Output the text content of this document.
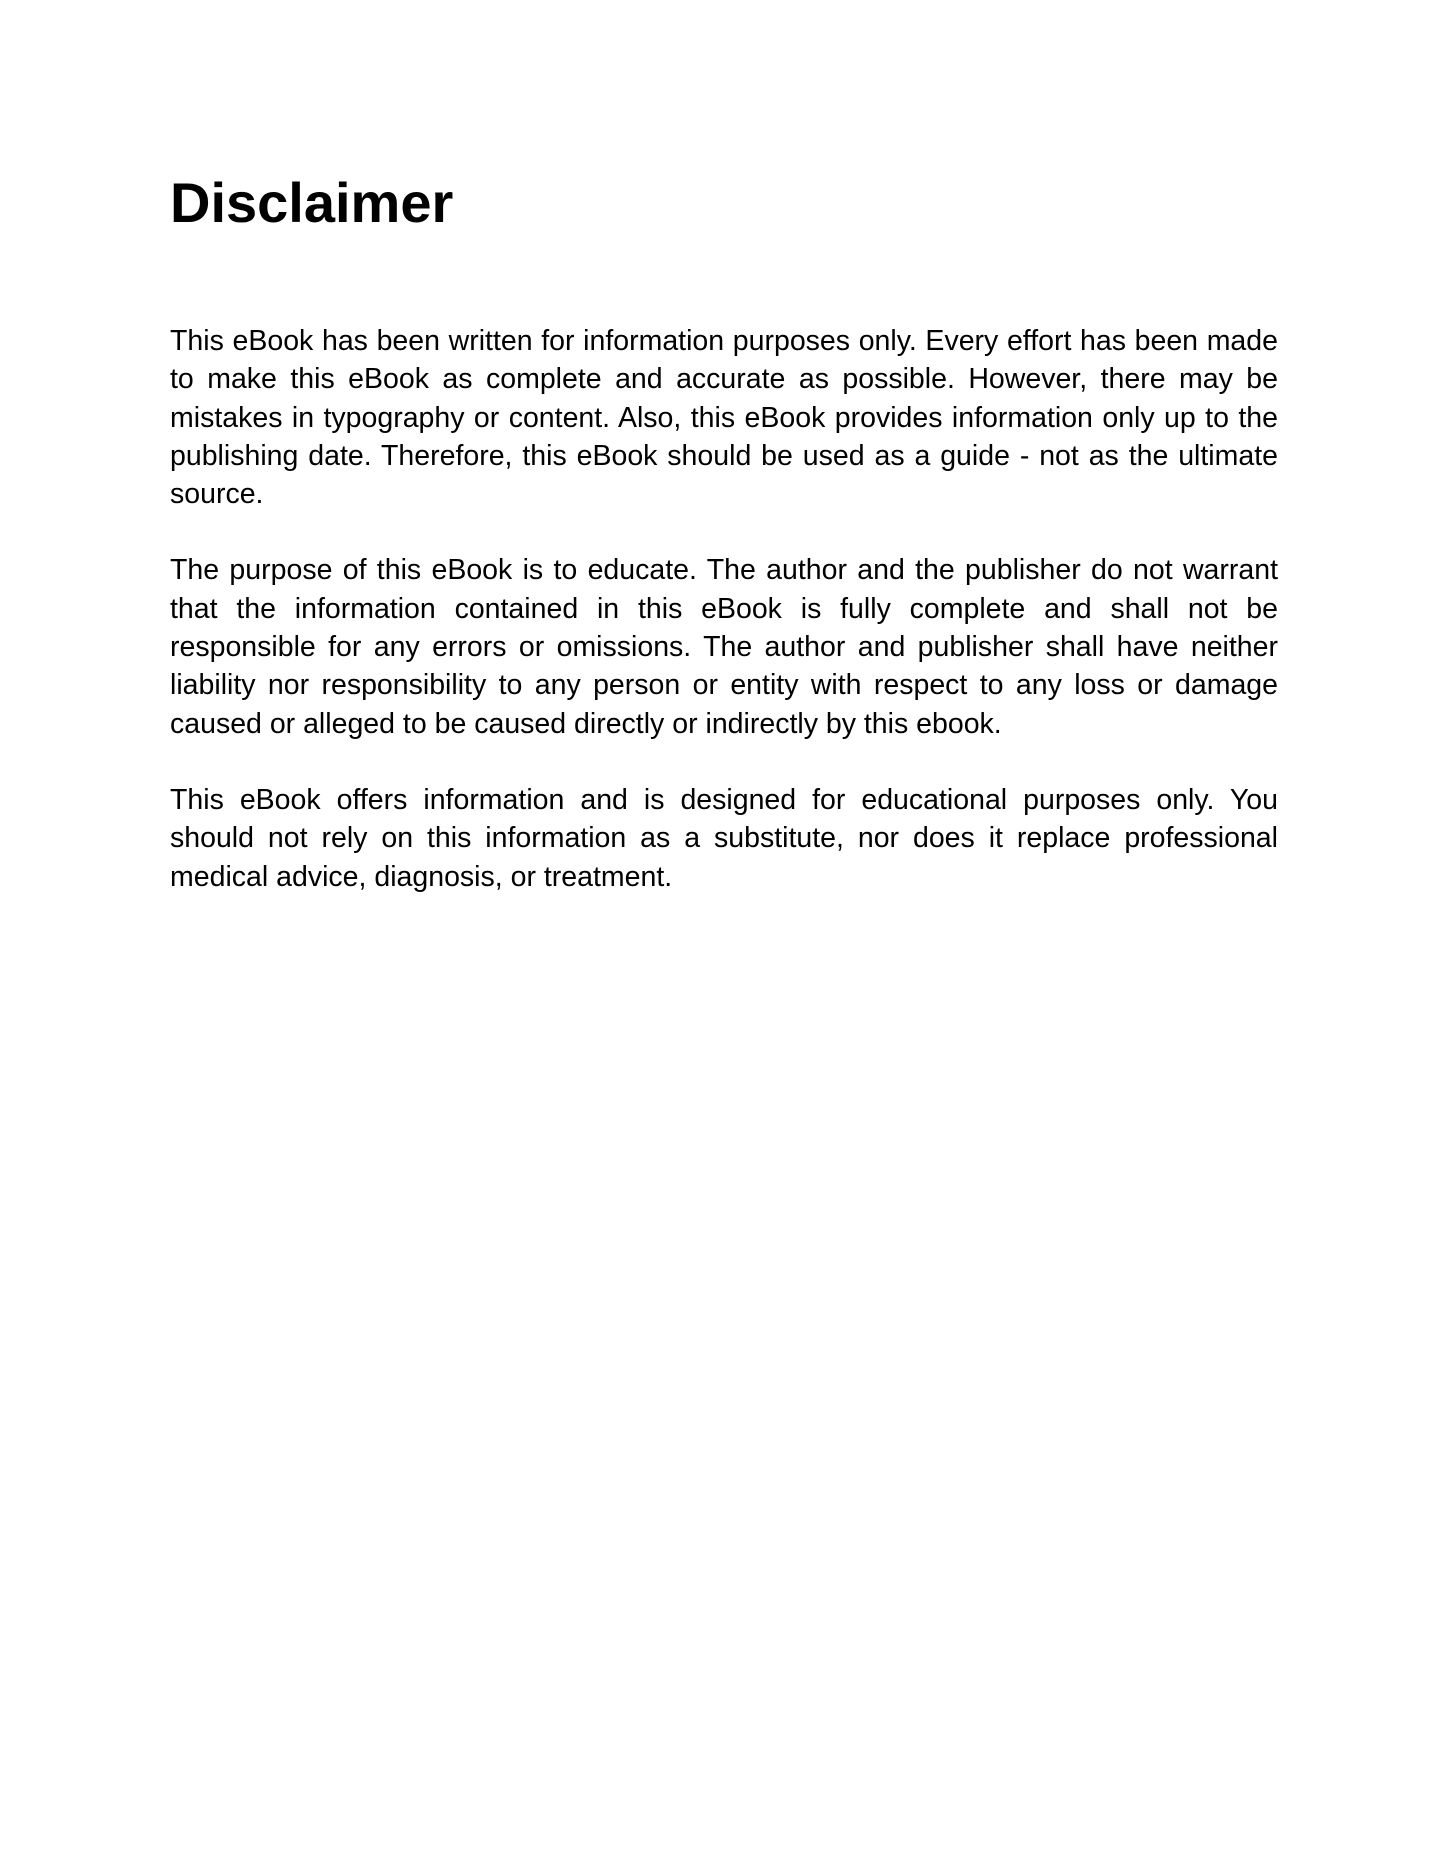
Disclaimer

This eBook has been written for information purposes only. Every effort has been made to make this eBook as complete and accurate as possible. However, there may be mistakes in typography or content. Also, this eBook provides information only up to the publishing date. Therefore, this eBook should be used as a guide - not as the ultimate source.

The purpose of this eBook is to educate. The author and the publisher do not warrant that the information contained in this eBook is fully complete and shall not be responsible for any errors or omissions. The author and publisher shall have neither liability nor responsibility to any person or entity with respect to any loss or damage caused or alleged to be caused directly or indirectly by this ebook.

This eBook offers information and is designed for educational purposes only. You should not rely on this information as a substitute, nor does it replace professional medical advice, diagnosis, or treatment.
